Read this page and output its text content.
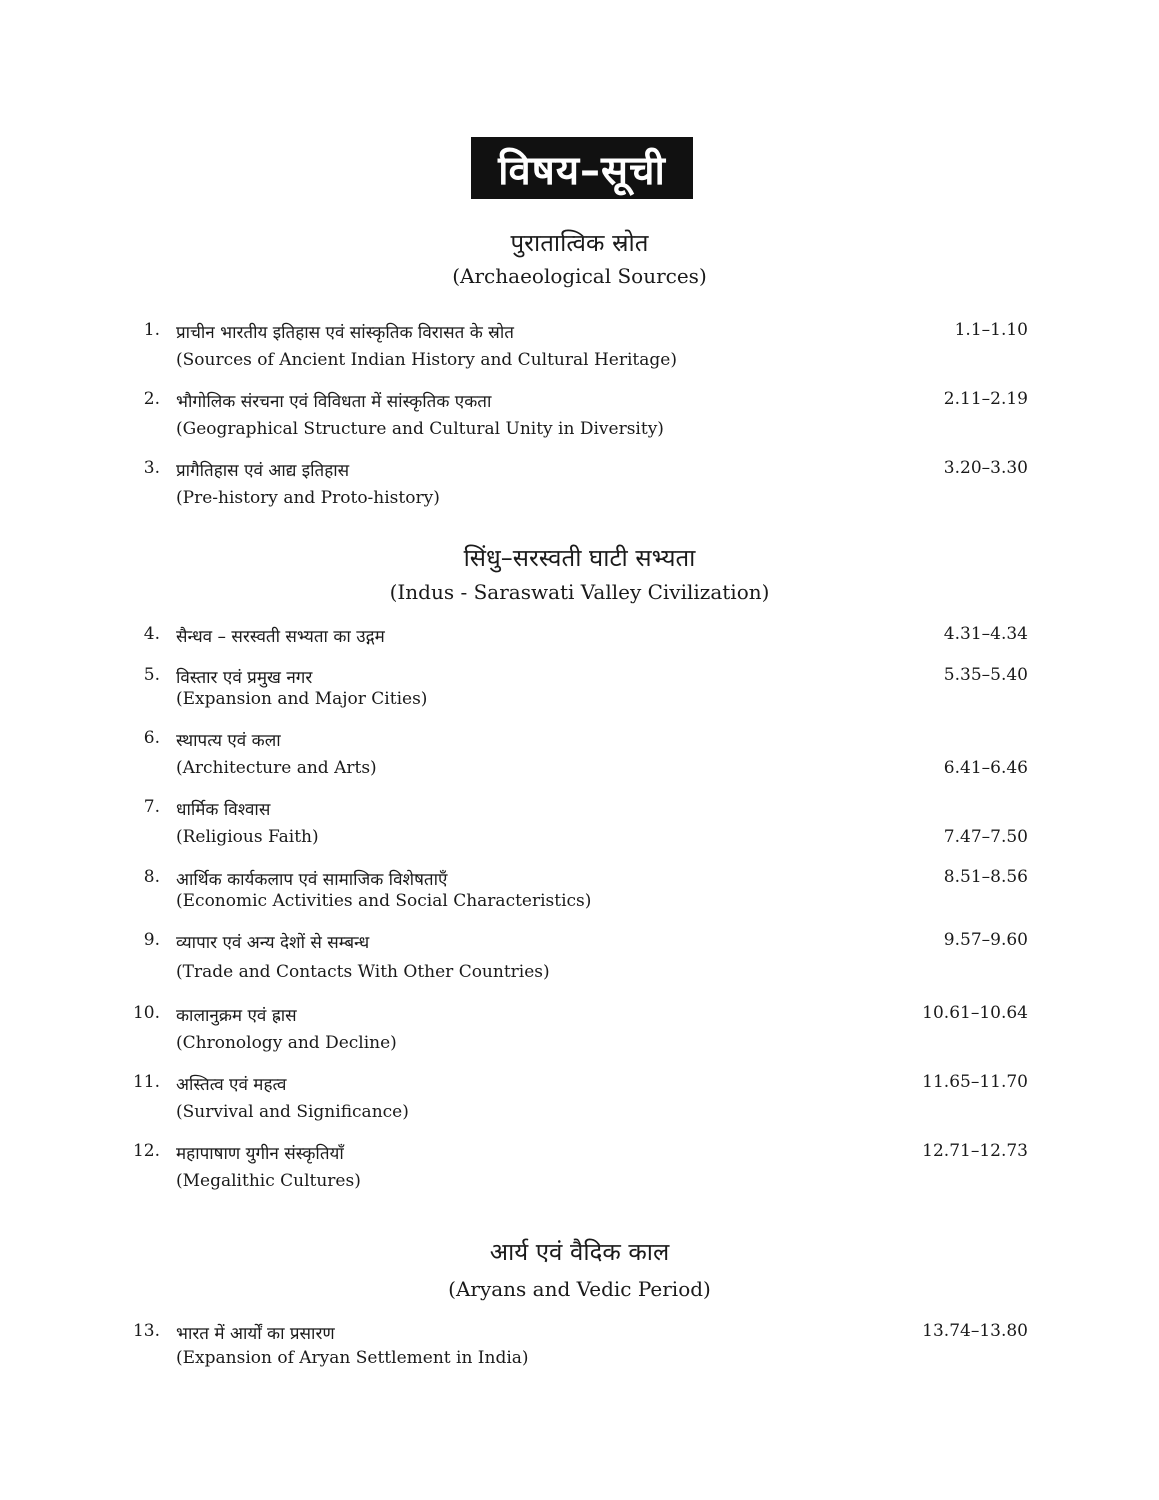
विषय–सूची
पुरातात्विक स्रोत
(Archaeological Sources)
1. प्राचीन भारतीय इतिहास एवं सांस्कृतिक विरासत के स्रोत	1.1–1.10
(Sources of Ancient Indian History and Cultural Heritage)
2. भौगोलिक संरचना एवं विविधता में सांस्कृतिक एकता	2.11–2.19
(Geographical Structure and Cultural Unity in Diversity)
3. प्रागैतिहास एवं आद्य इतिहास	3.20–3.30
(Pre-history and Proto-history)
सिंधु–सरस्वती घाटी सभ्यता
(Indus - Saraswati Valley Civilization)
4. सैन्धव – सरस्वती सभ्यता का उद्गम	4.31–4.34
5. विस्तार एवं प्रमुख नगर	5.35–5.40
(Expansion and Major Cities)
6. स्थापत्य एवं कला
(Architecture and Arts)	6.41–6.46
7. धार्मिक विश्वास
(Religious Faith)	7.47–7.50
8. आर्थिक कार्यकलाप एवं सामाजिक विशेषताएँ	8.51–8.56
(Economic Activities and Social Characteristics)
9. व्यापार एवं अन्य देशों से सम्बन्ध	9.57–9.60
(Trade and Contacts With Other Countries)
10. कालानुक्रम एवं ह्रास	10.61–10.64
(Chronology and Decline)
11. अस्तित्व एवं महत्व	11.65–11.70
(Survival and Significance)
12. महापाषाण युगीन संस्कृतियाँ	12.71–12.73
(Megalithic Cultures)
आर्य एवं वैदिक काल
(Aryans and Vedic Period)
13. भारत में आर्यों का प्रसारण	13.74–13.80
(Expansion of Aryan Settlement in India)
